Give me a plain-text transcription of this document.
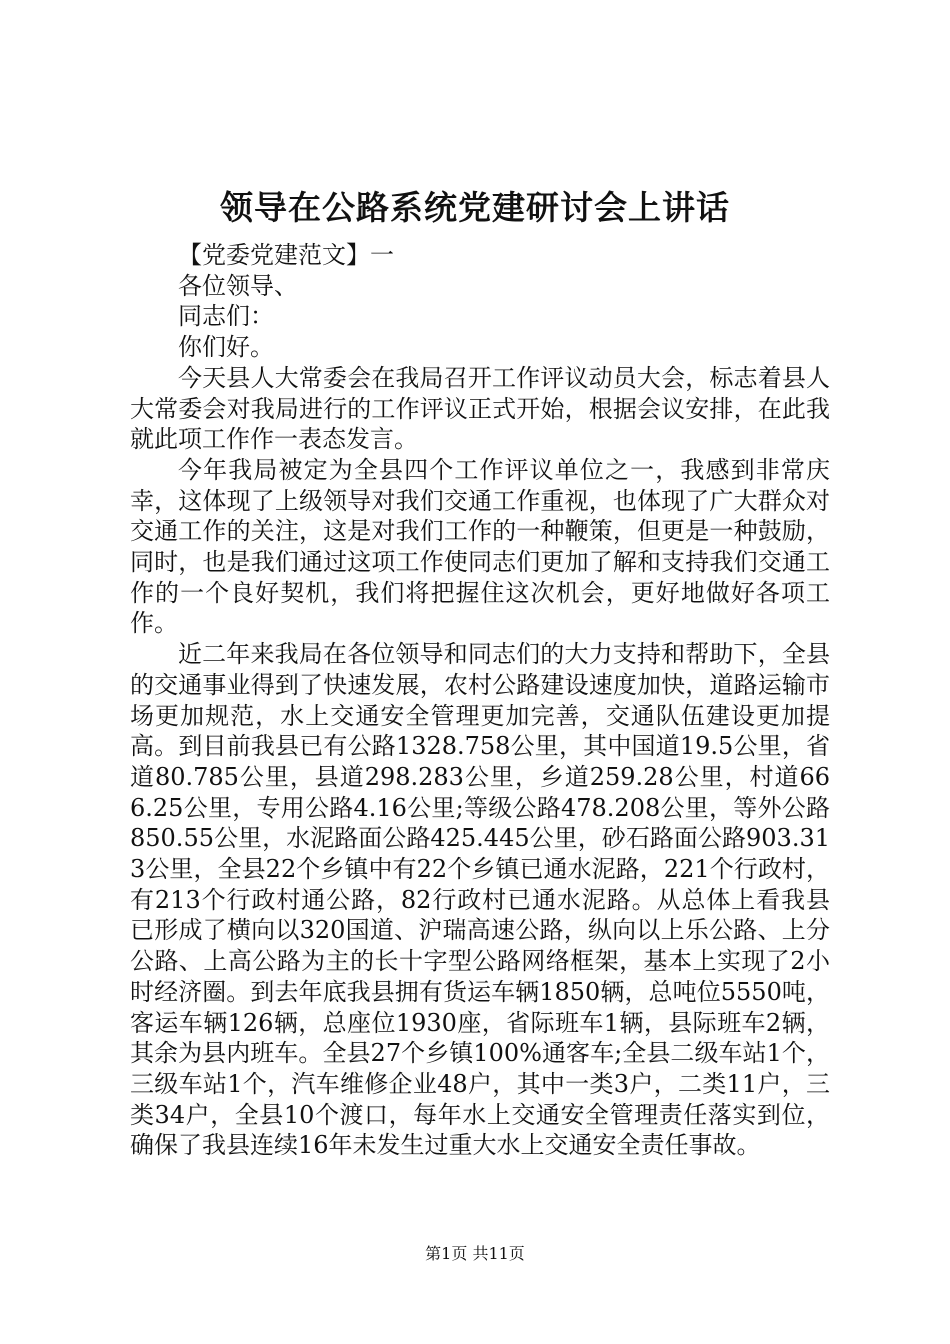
领导在公路系统党建研讨会上讲话

【党委党建范文】一

各位领导、

同志们：

你们好。

今天县人大常委会在我局召开工作评议动员大会，标志着县人大常委会对我局进行的工作评议正式开始，根据会议安排，在此我就此项工作作一表态发言。

今年我局被定为全县四个工作评议单位之一，我感到非常庆幸，这体现了上级领导对我们交通工作重视，也体现了广大群众对交通工作的关注，这是对我们工作的一种鞭策，但更是一种鼓励，同时，也是我们通过这项工作使同志们更加了解和支持我们交通工作的一个良好契机，我们将把握住这次机会，更好地做好各项工作。

近二年来我局在各位领导和同志们的大力支持和帮助下，全县的交通事业得到了快速发展，农村公路建设速度加快，道路运输市场更加规范，水上交通安全管理更加完善，交通队伍建设更加提高。到目前我县已有公路1328.758公里，其中国道19.5公里，省道80.785公里，县道298.283公里，乡道259.28公里，村道666.25公里，专用公路4.16公里;等级公路478.208公里，等外公路850.55公里，水泥路面公路425.445公里，砂石路面公路903.313公里，全县22个乡镇中有22个乡镇已通水泥路，221个行政村，有213个行政村通公路，82行政村已通水泥路。从总体上看我县已形成了横向以320国道、沪瑞高速公路，纵向以上乐公路、上分公路、上高公路为主的长十字型公路网络框架，基本上实现了2小时经济圈。到去年底我县拥有货运车辆1850辆，总吨位5550吨，客运车辆126辆，总座位1930座，省际班车1辆，县际班车2辆，其余为县内班车。全县27个乡镇100%通客车;全县二级车站1个，三级车站1个，汽车维修企业48户，其中一类3户，二类11户，三类34户，全县10个渡口，每年水上交通安全管理责任落实到位，确保了我县连续16年未发生过重大水上交通安全责任事故。

第1页 共11页
